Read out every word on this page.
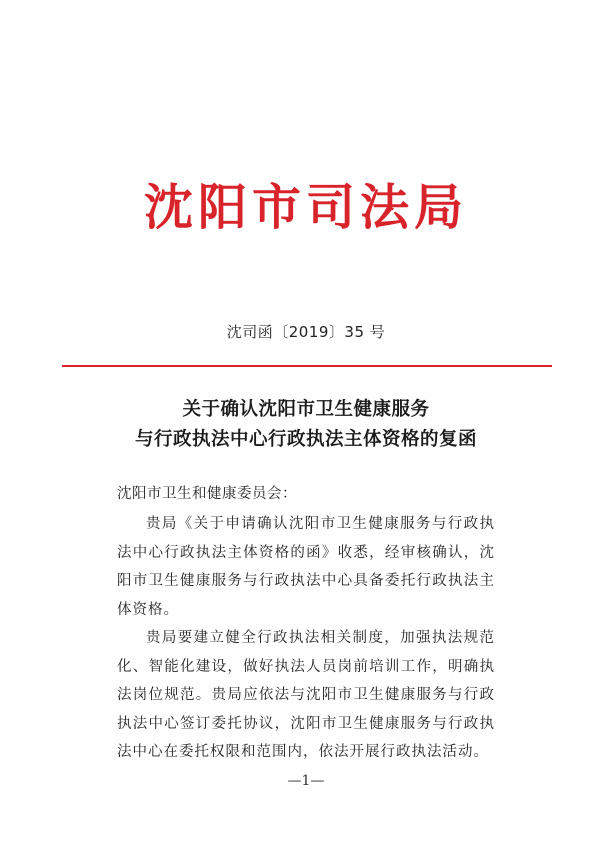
沈阳市司法局
沈司函〔2019〕35 号
关于确认沈阳市卫生健康服务
与行政执法中心行政执法主体资格的复函
沈阳市卫生和健康委员会：

贵局《关于申请确认沈阳市卫生健康服务与行政执法中心行政执法主体资格的函》收悉，经审核确认，沈阳市卫生健康服务与行政执法中心具备委托行政执法主体资格。

贵局要建立健全行政执法相关制度，加强执法规范化、智能化建设，做好执法人员岗前培训工作，明确执法岗位规范。贵局应依法与沈阳市卫生健康服务与行政执法中心签订委托协议，沈阳市卫生健康服务与行政执法中心在委托权限和范围内，依法开展行政执法活动。

—1—
